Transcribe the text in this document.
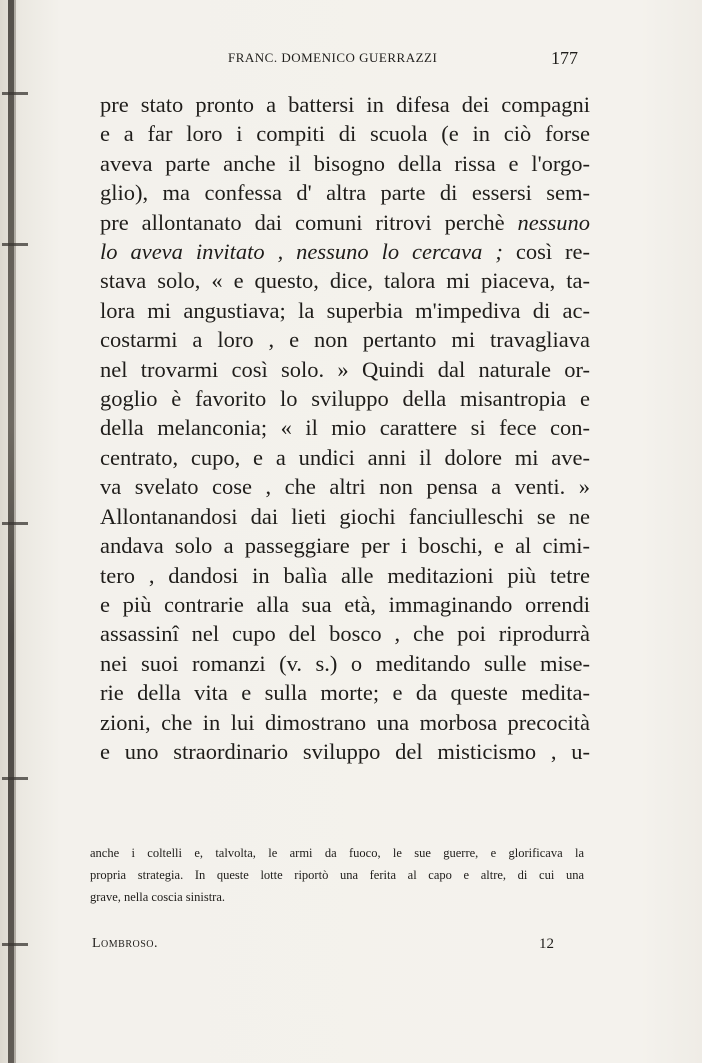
FRANC. DOMENICO GUERRAZZI	177
pre stato pronto a battersi in difesa dei compagni
e a far loro i compiti di scuola (e in ciò forse
aveva parte anche il bisogno della rissa e l'orgo-
glio), ma confessa d' altra parte di essersi sem-
pre allontanato dai comuni ritrovi perchè nessuno
lo aveva invitato , nessuno lo cercava ; così re-
stava solo, « e questo, dice, talora mi piaceva, ta-
lora mi angustiava; la superbia m'impediva di ac-
costarmi a loro , e non pertanto mi travagliava
nel trovarmi così solo. » Quindi dal naturale or-
goglio è favorito lo sviluppo della misantropia e
della melanconia; « il mio carattere si fece con-
centrato, cupo, e a undici anni il dolore mi ave-
va svelato cose , che altri non pensa a venti. »
Allontanandosi dai lieti giochi fanciulleschi se ne
andava solo a passeggiare per i boschi, e al cimi-
tero , dandosi in balìa alle meditazioni più tetre
e più contrarie alla sua età, immaginando orrendi
assassinî nel cupo del bosco , che poi riprodurrà
nei suoi romanzi (v. s.) o meditando sulle mise-
rie della vita e sulla morte; e da queste medita-
zioni, che in lui dimostrano una morbosa precocità
e uno straordinario sviluppo del misticismo , u-
anche i coltelli e, talvolta, le armi da fuoco, le sue guerre, e glorificava la
propria strategia. In queste lotte riportò una ferita al capo e altre, di cui una
grave, nella coscia sinistra.
Lombroso.	12
